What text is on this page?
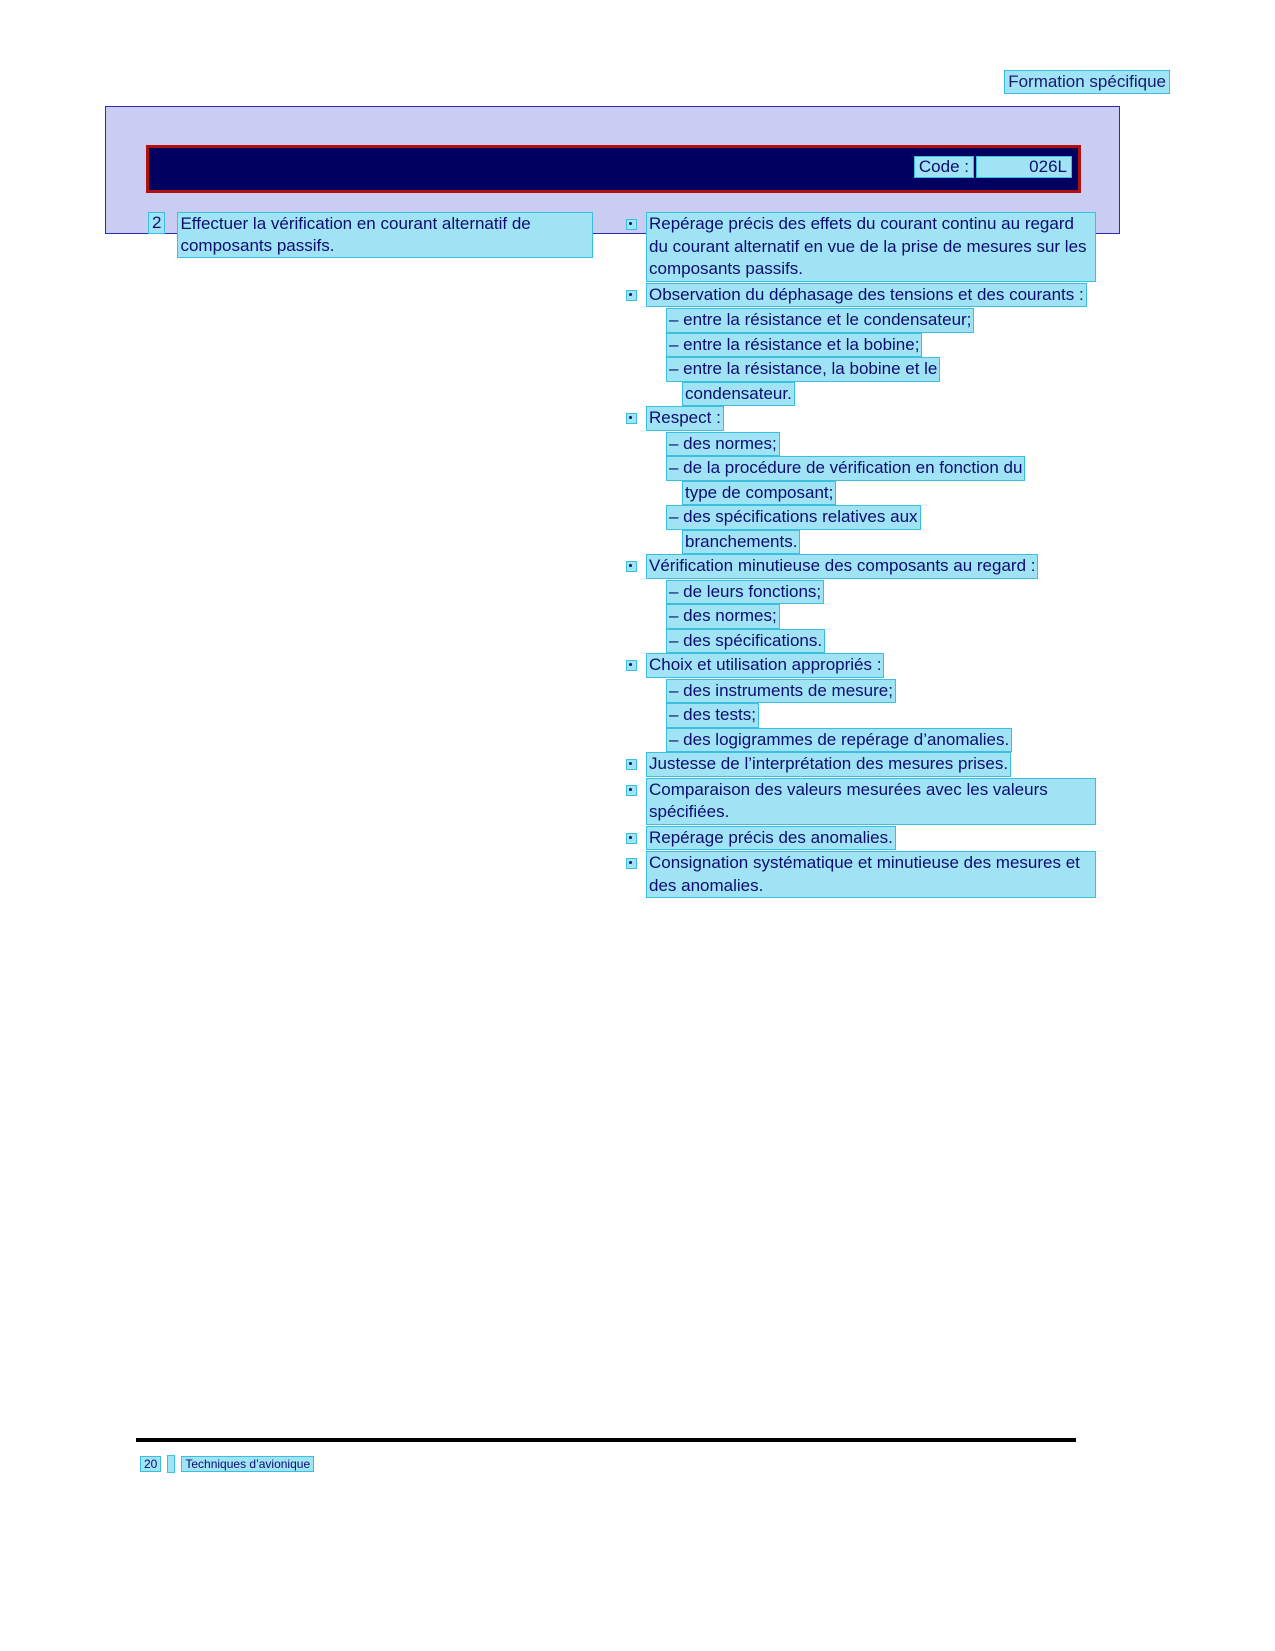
Formation spécifique
Code :	026L
2 Effectuer la vérification en courant alternatif de composants passifs.
Repérage précis des effets du courant continu au regard du courant alternatif en vue de la prise de mesures sur les composants passifs.
Observation du déphasage des tensions et des courants :
– entre la résistance et le condensateur;
– entre la résistance et la bobine;
– entre la résistance, la bobine et le
condensateur.
Respect :
– des normes;
– de la procédure de vérification en fonction du
type de composant;
– des spécifications relatives aux
branchements.
Vérification minutieuse des composants au regard :
– de leurs fonctions;
– des normes;
– des spécifications.
Choix et utilisation appropriés :
– des instruments de mesure;
– des tests;
– des logigrammes de repérage d’anomalies.
Justesse de l’interprétation des mesures prises.
Comparaison des valeurs mesurées avec les valeurs spécifiées.
Repérage précis des anomalies.
Consignation systématique et minutieuse des mesures et des anomalies.
20	Techniques d’avionique
